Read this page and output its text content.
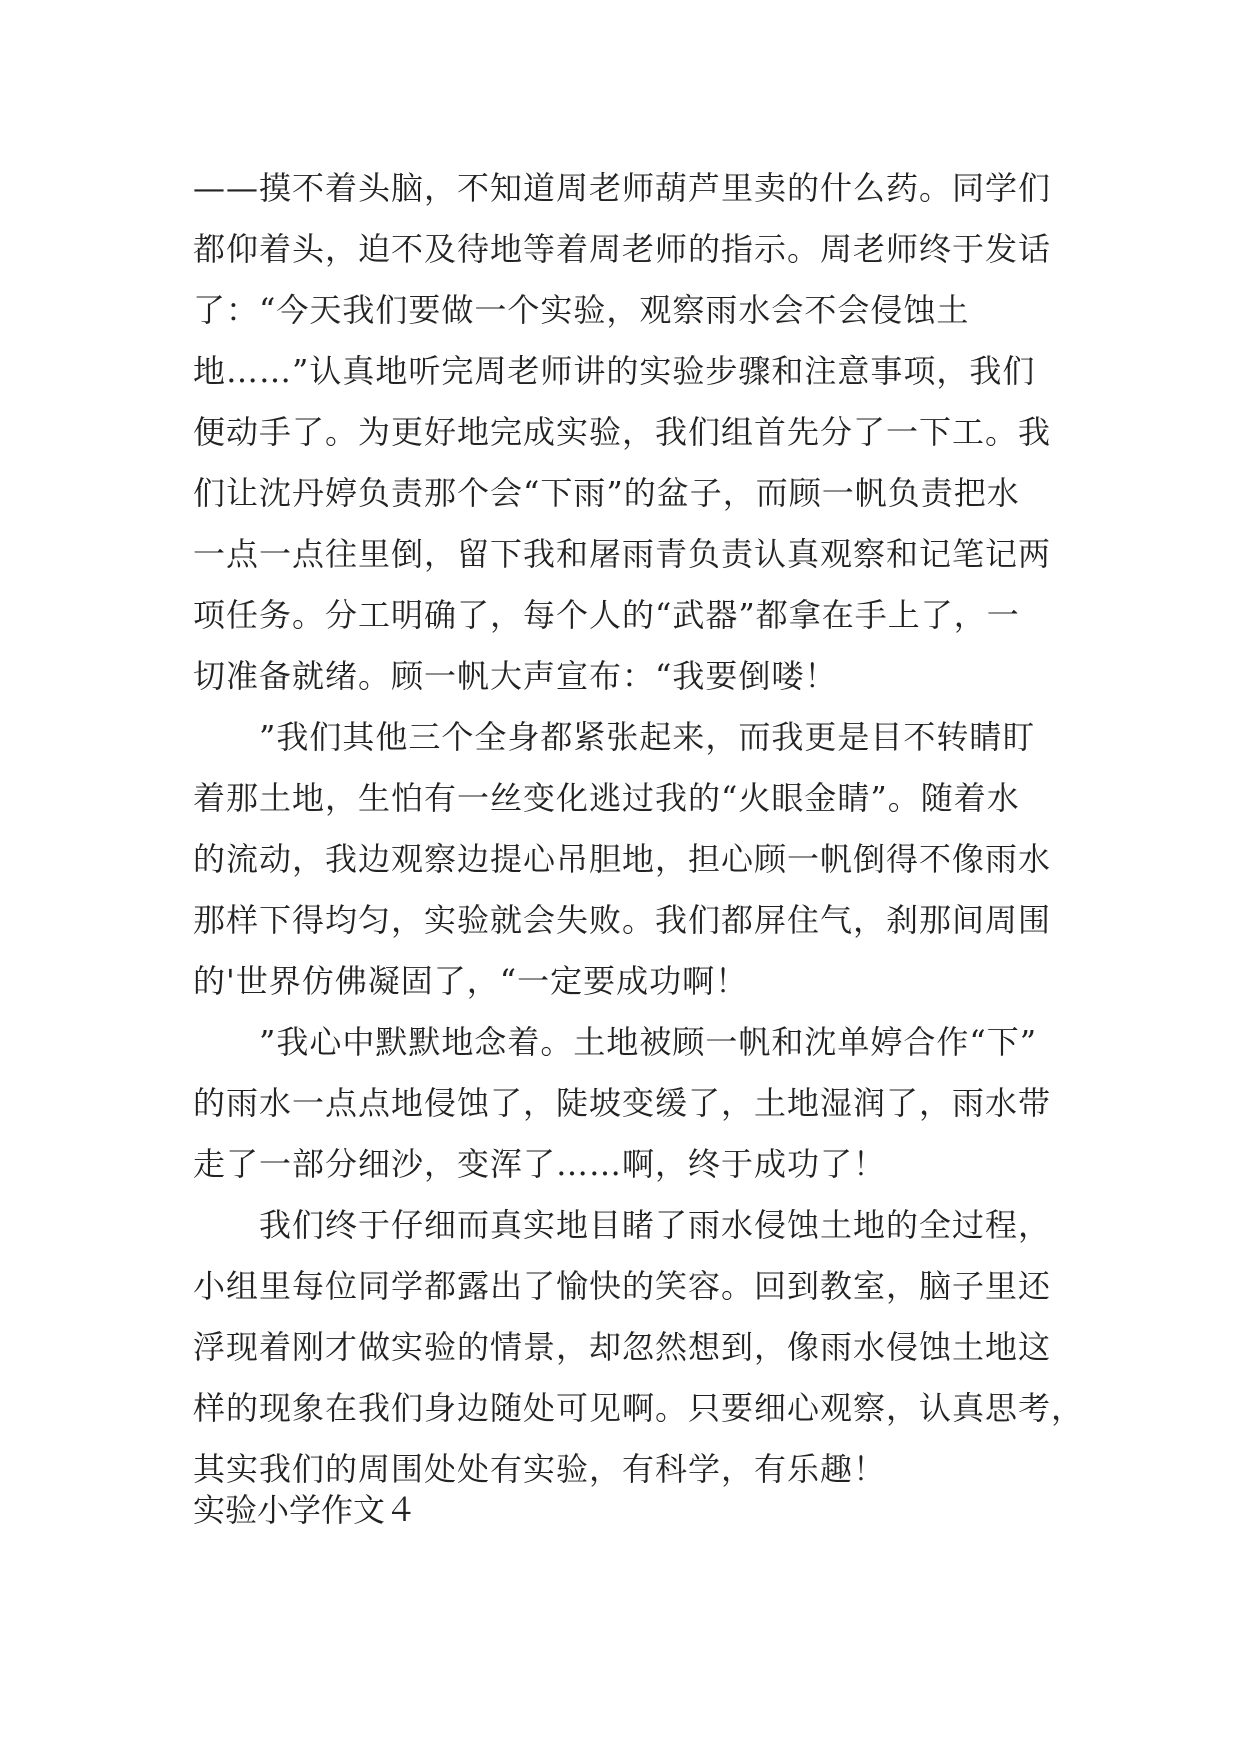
——摸不着头脑，不知道周老师葫芦里卖的什么药。同学们
都仰着头，迫不及待地等着周老师的指示。周老师终于发话
了：“今天我们要做一个实验，观察雨水会不会侵蚀土
地……”认真地听完周老师讲的实验步骤和注意事项，我们
便动手了。为更好地完成实验，我们组首先分了一下工。我
们让沈丹婷负责那个会“下雨”的盆子，而顾一帆负责把水
一点一点往里倒，留下我和屠雨青负责认真观察和记笔记两
项任务。分工明确了，每个人的“武器”都拿在手上了，一
切准备就绪。顾一帆大声宣布：“我要倒喽！
　　”我们其他三个全身都紧张起来，而我更是目不转睛盯
着那土地，生怕有一丝变化逃过我的“火眼金睛”。随着水
的流动，我边观察边提心吊胆地，担心顾一帆倒得不像雨水
那样下得均匀，实验就会失败。我们都屏住气，刹那间周围
的'世界仿佛凝固了，“一定要成功啊！
　　”我心中默默地念着。土地被顾一帆和沈单婷合作“下”
的雨水一点点地侵蚀了，陡坡变缓了，土地湿润了，雨水带
走了一部分细沙，变浑了……啊，终于成功了！
　　我们终于仔细而真实地目睹了雨水侵蚀土地的全过程，
小组里每位同学都露出了愉快的笑容。回到教室，脑子里还
浮现着刚才做实验的情景，却忽然想到，像雨水侵蚀土地这
样的现象在我们身边随处可见啊。只要细心观察，认真思考，
其实我们的周围处处有实验，有科学，有乐趣！
实验小学作文４
